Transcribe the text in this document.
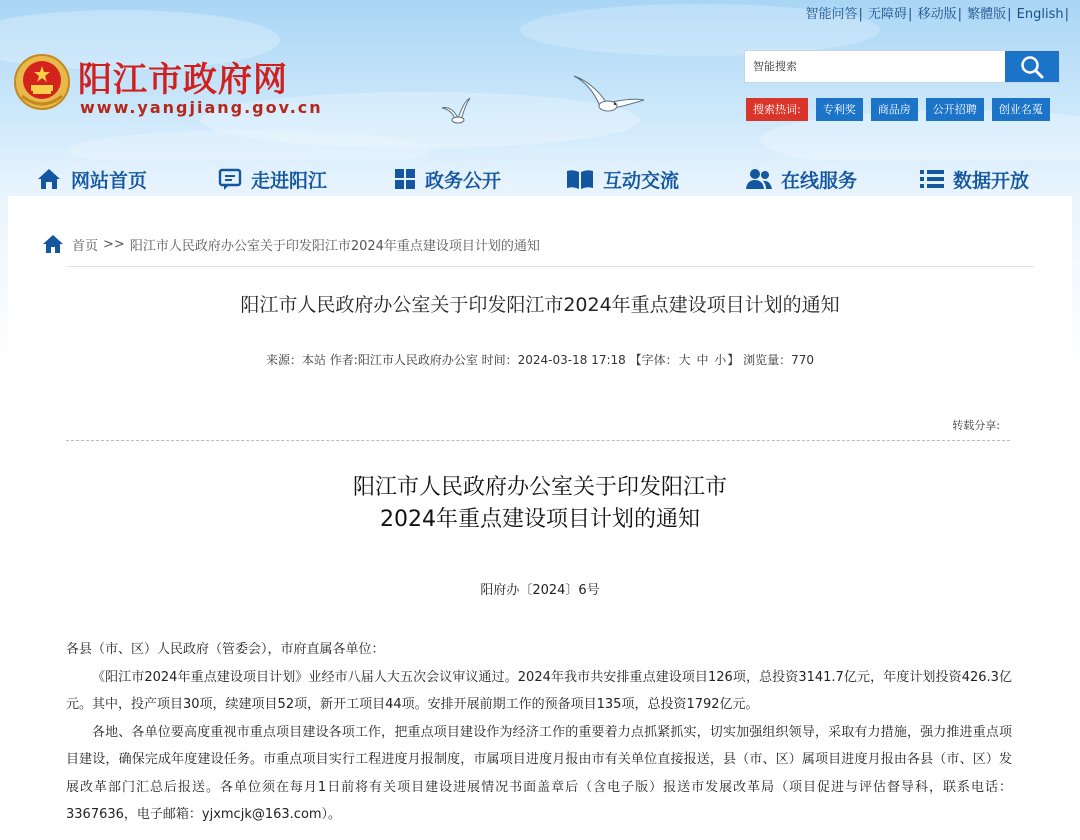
智能问答| 无障碍| 移动版| 繁體版| English|
阳江市政府网
www.yangjiang.gov.cn
智能搜索	搜索热词:	专利奖	商品房	公开招聘	创业名蒐
网站首页	走进阳江	政务公开	互动交流	在线服务	数据开放
首页 >> 阳江市人民政府办公室关于印发阳江市2024年重点建设项目计划的通知
阳江市人民政府办公室关于印发阳江市2024年重点建设项目计划的通知
来源：本站 作者:阳江市人民政府办公室 时间：2024-03-18 17:18 【字体：大 中 小】 浏览量：770
转载分享:
阳江市人民政府办公室关于印发阳江市
2024年重点建设项目计划的通知
阳府办〔2024〕6号

各县（市、区）人民政府（管委会），市府直属各单位：

《阳江市2024年重点建设项目计划》业经市八届人大五次会议审议通过。2024年我市共安排重点建设项目126项，总投资3141.7亿元，年度计划投资426.3亿元。其中，投产项目30项，续建项目52项，新开工项目44项。安排开展前期工作的预备项目135项，总投资1792亿元。

各地、各单位要高度重视市重点项目建设各项工作，把重点项目建设作为经济工作的重要着力点抓紧抓实，切实加强组织领导，采取有力措施，强力推进重点项目建设，确保完成年度建设任务。市重点项目实行工程进度月报制度，市属项目进度月报由市有关单位直接报送，县（市、区）属项目进度月报由各县（市、区）发展改革部门汇总后报送。各单位须在每月1日前将有关项目建设进展情况书面盖章后（含电子版）报送市发展改革局（项目促进与评估督导科，联系电话：3367636，电子邮箱：yjxmcjk@163.com）。
